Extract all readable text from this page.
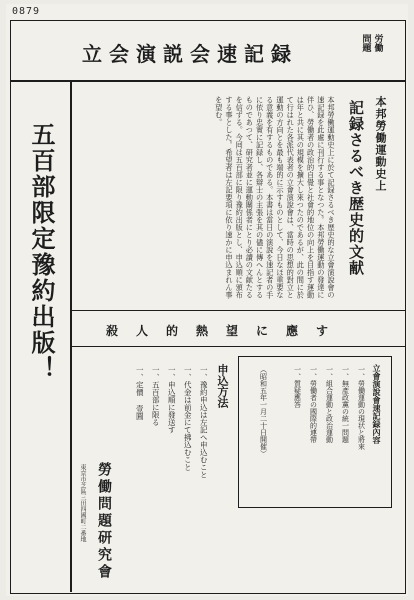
0879
立会演説会速記録	労働
問題
五百部限定豫約出版！	本邦勞働運動史上
記録さるべき歴史的文献
本邦勞働運動史上に於て記録さるべき歴史的な立會演說會の速記録を此處に刊行する事となつた。本邦勞働運動の發達に伴ひ、勞働者の政治的自覺と社會的地位の向上を目指す運動は年と共に其の規模を擴大し來つたのであるが、此の間に於て行はれた各派代表者の立會演說會は、當時の思想的對立と運動の方向とを最も端的に示すものとして、今日なほ重要なる意義を有するものである。本書は當日の演說を速記者の手に依り忠實に記録し、各辯士の主張を其の儘に傳へんとするものであつて、研究者並に運動關係者にとり必讀の文献たるを信ずる。今囘は五百部に限り豫約出版とし、申込順に頒布する事とした。希望者は左記要項に依り速かに申込まれん事を望む。
殺人的熱望に應す
立會演說會速記録內容
一、勞働運動の現状と將來
一、無產政黨の統一問題
一、組合運動と政治運動
一、勞働者の國際的連帶
一、質疑應答
（昭和五年一月二十日開催）
申込方法
一、豫約申込は左記へ申込むこと
一、代金は前金にて拂込むこと
一、申込順に發送す
一、五百部に限る
一、定價 壹圓
勞働問題研究會
東京市芝區三田四國町二番地
